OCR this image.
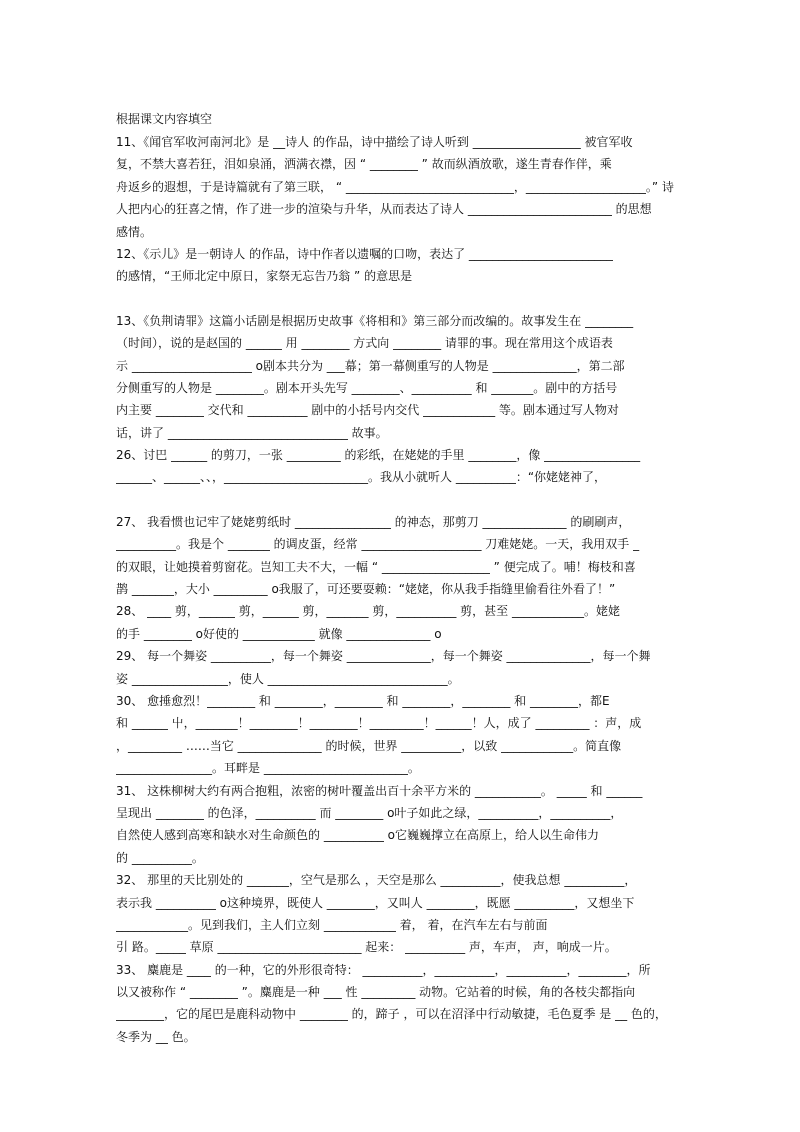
根据课文内容填空
11、《闻官军收河南河北》是 __诗人 的作品，诗中描绘了诗人听到 __________________ 被官军收
复，不禁大喜若狂，泪如泉涌，洒满衣襟，因 “ ________ ” 故而纵酒放歌，遂生青春作伴，乘
舟返乡的遐想，于是诗篇就有了第三联， “ ____________________________，____________________。” 诗
人把内心的狂喜之情，作了进一步的渲染与升华，从而表达了诗人 ________________________ 的思想
感情。
12、《示儿》是一朝诗人 的作品，诗中作者以遗嘱的口吻，表达了 ________________________
的感情，“王师北定中原日，家祭无忘告乃翁 ” 的意思是
13、《负荆请罪》这篇小话剧是根据历史故事《将相和》第三部分而改编的。故事发生在 ________
（时间），说的是赵国的 ______ 用 ________ 方式向 ________ 请罪的事。现在常用这个成语表
示 ____________________ o剧本共分为 ___幕；第一幕侧重写的人物是 ______________，第二部
分侧重写的人物是 ________。剧本开头先写 ________、__________ 和 _______。剧中的方括号
内主要 ________ 交代和 __________ 剧中的小括号内交代 ____________ 等。剧本通过写人物对
话，讲了 ______________________________ 故事。
26、讨巴 ______ 的剪刀，一张 _________ 的彩纸，在姥姥的手里 ________，像 ________________
______、______、、，________________________。我从小就听人 __________：“你姥姥神了，
27、 我看惯也记牢了姥姥剪纸时 ________________ 的神态，那剪刀 ______________ 的刷刷声，
__________。我是个 _______ 的调皮蛋，经常 ____________________ 刀难姥姥。一天，我用双手 _
的双眼，让她摸着剪窗花。岂知工夫不大，一幅 “ __________________ ” 便完成了。哺！梅枝和喜
鹊 _______，大小 _________ o我服了，可还要耍赖：“姥姥，你从我手指缝里偷看往外看了！”
28、 ____ 剪，______ 剪，______ 剪，_______ 剪，__________ 剪，甚至 ____________。姥姥
的手 ________ o好使的 ____________ 就像 ______________ o
29、 每一个舞姿 __________，每一个舞姿 ______________，每一个舞姿 ______________，每一个舞
姿 ________________，使人 ______________________________。
30、 愈捶愈烈！________ 和 ________，________ 和 ________，________ 和 ________，都E
和 ______ 屮，_______！________！________！_________！______！人，成了 _________ ：声，成
，_________ ……当它 ______________ 的时候，世界 __________，以致 ____________。简直像
________________。耳畔是 ________________________。
31、 这株柳树大约有两合抱粗，浓密的树叶覆盖出百十余平方米的 ___________。 _____ 和 ______
呈现出 ________ 的色泽，__________ 而 ________ o叶子如此之绿，__________，__________，
自然使人感到高寒和缺水对生命颜色的 __________ o它巍巍撑立在高原上，给人以生命伟力
的 __________。
32、 那里的天比别处的 _______，空气是那么 ，天空是那么 __________，使我总想 __________，
表示我 __________ o这种境界，既使人 ________，又叫人 ________，既愿 __________，又想坐下
____________。见到我们，主人们立刻 ____________ 着， 着，在汽车左右与前面
引 路。_____ 草原 ________________________ 起来： __________ 声，车声， 声，响成一片。
33、 麋鹿是 ____ 的一种，它的外形很奇特： __________，__________，__________，________，所
以又被称作 “ ________ ”。麋鹿是一种 ___ 性 _________ 动物。它站着的时候，角的各枝尖都指向
________，它的尾巴是鹿科动物中 ________ 的，蹄子 ，可以在沼泽中行动敏捷，毛色夏季 是 __ 色的，
冬季为 __ 色。
